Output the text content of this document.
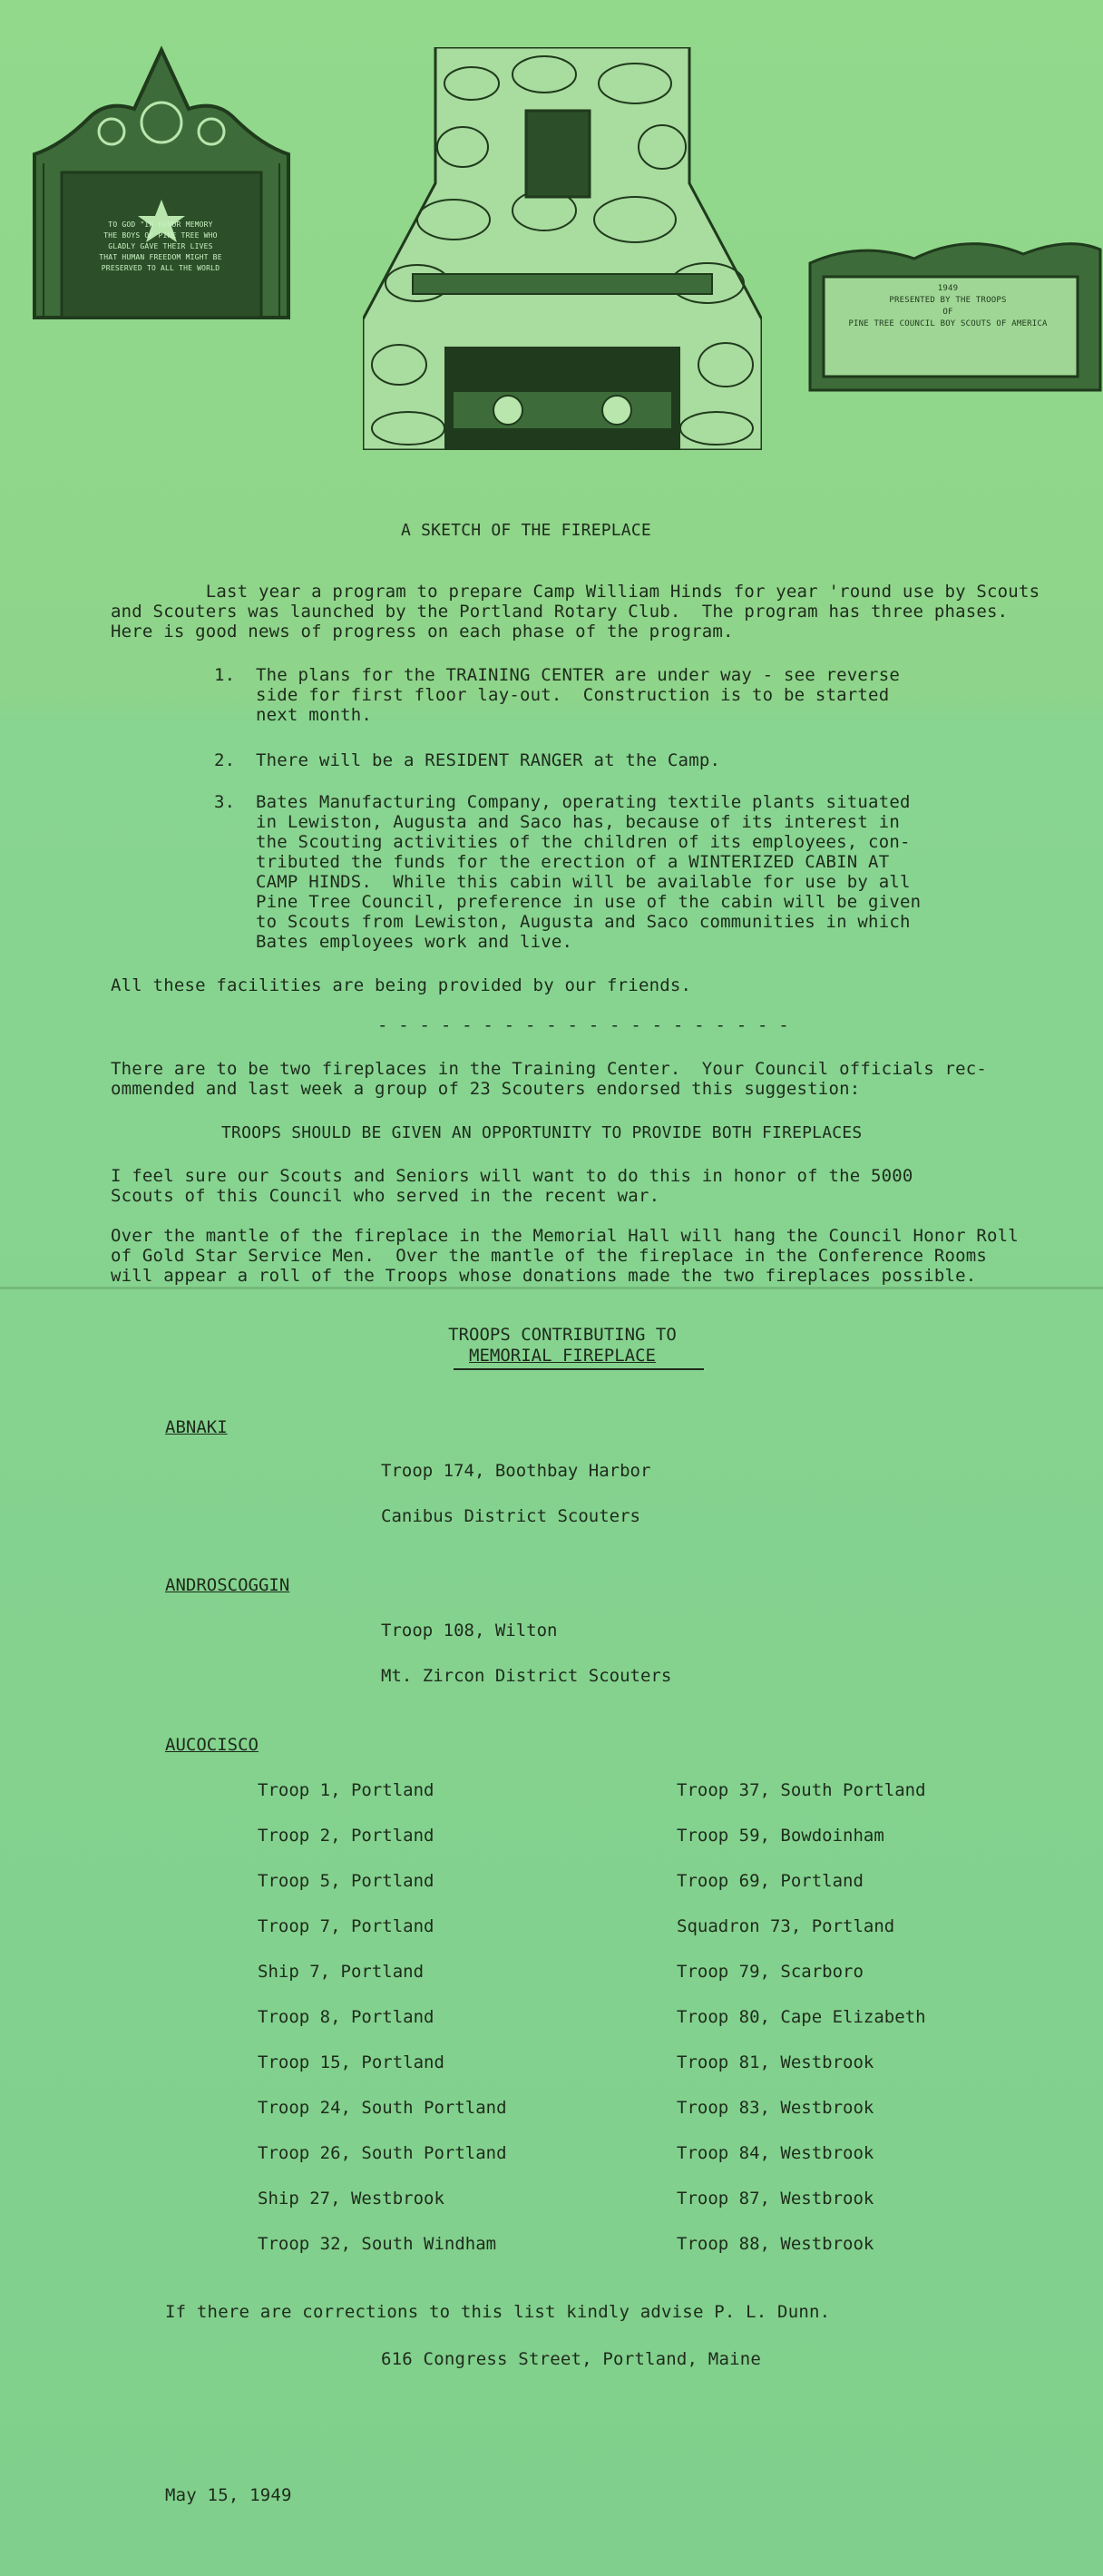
TO GOD "IN HONOR MEMORY
THE BOYS OF PINE TREE WHO
GLADLY GAVE THEIR LIVES
THAT HUMAN FREEDOM MIGHT BE
PRESERVED TO ALL THE WORLD
1949
PRESENTED BY THE TROOPS
OF
PINE TREE COUNCIL BOY SCOUTS OF AMERICA
A SKETCH OF THE FIREPLACE
Last year a program to prepare Camp William Hinds for year 'round use by Scouts
and Scouters was launched by the Portland Rotary Club.  The program has three phases.
Here is good news of progress on each phase of the program.
1. The plans for the TRAINING CENTER are under way - see reverse
side for first floor lay-out.  Construction is to be started
next month.
2. There will be a RESIDENT RANGER at the Camp.
3. Bates Manufacturing Company, operating textile plants situated
in Lewiston, Augusta and Saco has, because of its interest in
the Scouting activities of the children of its employees, con-
tributed the funds for the erection of a WINTERIZED CABIN AT
CAMP HINDS.  While this cabin will be available for use by all
Pine Tree Council, preference in use of the cabin will be given
to Scouts from Lewiston, Augusta and Saco communities in which
Bates employees work and live.
All these facilities are being provided by our friends.
- - - - - - - - - - - - - - - - - - - -
There are to be two fireplaces in the Training Center.  Your Council officials rec-
ommended and last week a group of 23 Scouters endorsed this suggestion:
TROOPS SHOULD BE GIVEN AN OPPORTUNITY TO PROVIDE BOTH FIREPLACES
I feel sure our Scouts and Seniors will want to do this in honor of the 5000
Scouts of this Council who served in the recent war.
Over the mantle of the fireplace in the Memorial Hall will hang the Council Honor Roll
of Gold Star Service Men.  Over the mantle of the fireplace in the Conference Rooms
will appear a roll of the Troops whose donations made the two fireplaces possible.
TROOPS CONTRIBUTING TO
MEMORIAL FIREPLACE
ABNAKI
Troop 174, Boothbay Harbor
Canibus District Scouters
ANDROSCOGGIN
Troop 108, Wilton
Mt. Zircon District Scouters
AUCOCISCO
Troop 1, Portland
Troop 2, Portland
Troop 5, Portland
Troop 7, Portland
Ship 7, Portland
Troop 8, Portland
Troop 15, Portland
Troop 24, South Portland
Troop 26, South Portland
Ship 27, Westbrook
Troop 32, South Windham
Troop 37, South Portland
Troop 59, Bowdoinham
Troop 69, Portland
Squadron 73, Portland
Troop 79, Scarboro
Troop 80, Cape Elizabeth
Troop 81, Westbrook
Troop 83, Westbrook
Troop 84, Westbrook
Troop 87, Westbrook
Troop 88, Westbrook
If there are corrections to this list kindly advise P. L. Dunn.
616 Congress Street, Portland, Maine
May 15, 1949
